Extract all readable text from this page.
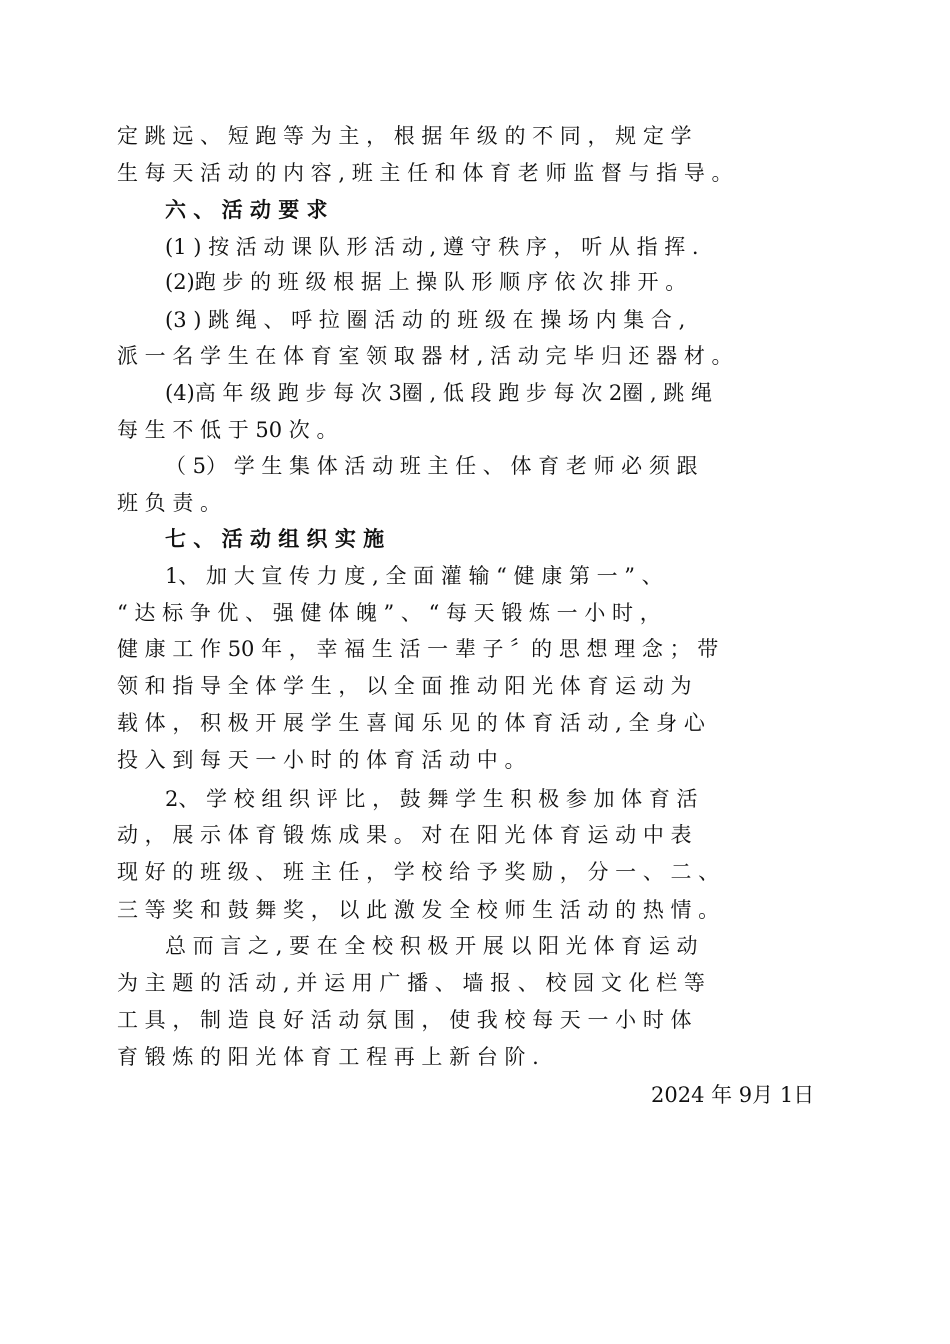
定 跳 远 、 短 跑 等 为 主 ， 根 据 年 级 的 不 同 ， 规 定 学
生 每 天 活 动 的 内 容 , 班 主 任 和 体 育 老 师 监 督 与 指 导 。
六 、 活 动 要 求
(1 ) 按 活 动 课 队 形 活 动 , 遵 守 秩 序 ， 听 从 指 挥 .
(2)跑 步 的 班 级 根 据 上 操 队 形 顺 序 依 次 排 开 。
(3 ) 跳 绳 、 呼 拉 圈 活 动 的 班 级 在 操 场 内 集 合 ,
派 一 名 学 生 在 体 育 室 领 取 器 材 , 活 动 完 毕 归 还 器 材 。
(4)高 年 级 跑 步 每 次 3圈 , 低 段 跑 步 每 次 2圈 , 跳 绳
每 生 不 低 于 50 次 。
（ 5） 学 生 集 体 活 动 班 主 任 、 体 育 老 师 必 须 跟
班 负 责 。
七 、 活 动 组 织 实 施
1、 加 大 宣 传 力 度 , 全 面 灌 输 “ 健 康 第 一 ” 、
“ 达 标 争 优 、 强 健 体 魄 ” 、 “ 每 天 锻 炼 一 小 时 ，
健 康 工 作 50 年 ， 幸 福 生 活 一 辈 子 〞的 思 想 理 念 ； 带
领 和 指 导 全 体 学 生 ， 以 全 面 推 动 阳 光 体 育 运 动 为
载 体 ， 积 极 开 展 学 生 喜 闻 乐 见 的 体 育 活 动 , 全 身 心
投 入 到 每 天 一 小 时 的 体 育 活 动 中 。
2、 学 校 组 织 评 比 ， 鼓 舞 学 生 积 极 参 加 体 育 活
动 ， 展 示 体 育 锻 炼 成 果 。 对 在 阳 光 体 育 运 动 中 表
现 好 的 班 级 、 班 主 任 ， 学 校 给 予 奖 励 ， 分 一 、 二 、
三 等 奖 和 鼓 舞 奖 ， 以 此 激 发 全 校 师 生 活 动 的 热 情 。
总 而 言 之 , 要 在 全 校 积 极 开 展 以 阳 光 体 育 运 动
为 主 题 的 活 动 , 并 运 用 广 播 、 墙 报 、 校 园 文 化 栏 等
工 具 ， 制 造 良 好 活 动 氛 围 ， 使 我 校 每 天 一 小 时 体
育 锻 炼 的 阳 光 体 育 工 程 再 上 新 台 阶 .
2024 年 9月 1日
